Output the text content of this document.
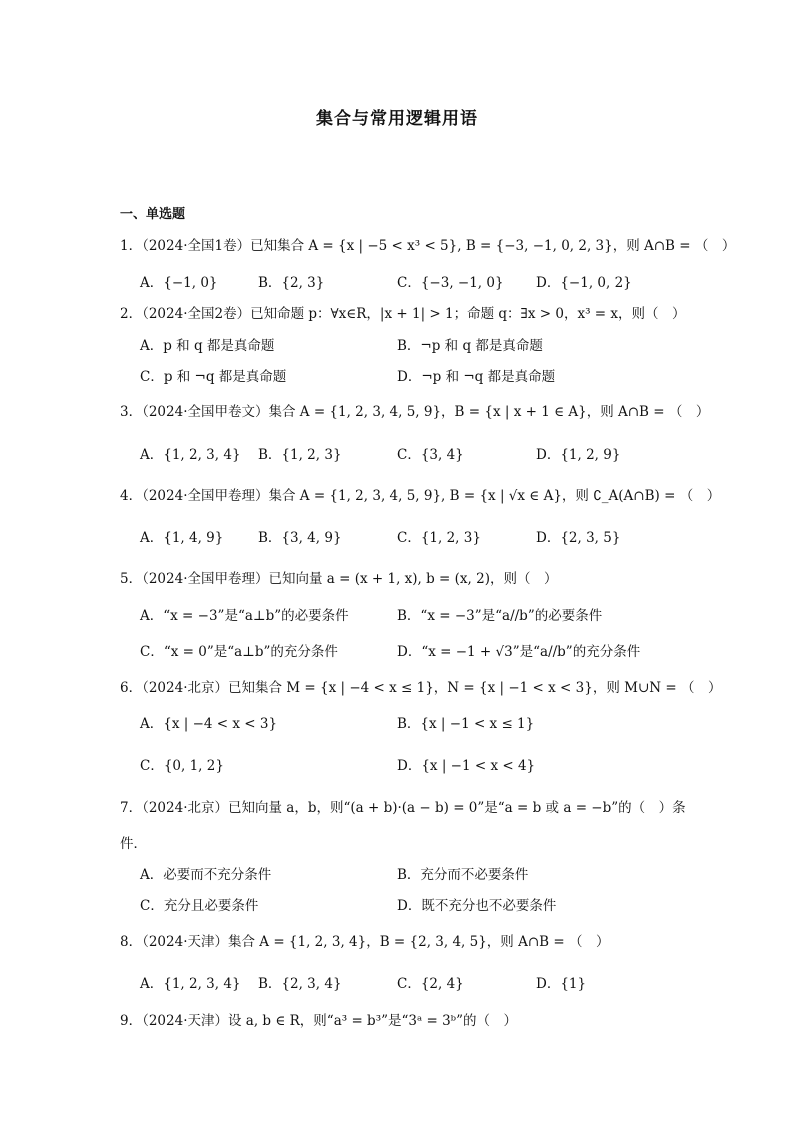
集合与常用逻辑用语
一、单选题
1．（2024·全国1卷）已知集合 A = {x | −5 < x³ < 5}, B = {−3, −1, 0, 2, 3}，则 A∩B = （　）
A．{−1, 0}	B．{2, 3}	C．{−3, −1, 0} D．{−1, 0, 2}
2．（2024·全国2卷）已知命题 p：∀x∈R，|x + 1| > 1；命题 q：∃x > 0，x³ = x，则（　）
A．p 和 q 都是真命题	B．¬p 和 q 都是真命题
C．p 和 ¬q 都是真命题	D．¬p 和 ¬q 都是真命题
3．（2024·全国甲卷文）集合 A = {1, 2, 3, 4, 5, 9}，B = {x | x + 1 ∈ A}，则 A∩B = （　）
A．{1, 2, 3, 4} B．{1, 2, 3}	C．{3, 4}	D．{1, 2, 9}
4．（2024·全国甲卷理）集合 A = {1, 2, 3, 4, 5, 9}, B = {x | √x ∈ A}，则 ∁_A(A∩B) = （　）
A．{1, 4, 9}	B．{3, 4, 9}	C．{1, 2, 3}	D．{2, 3, 5}
5．（2024·全国甲卷理）已知向量 a = (x + 1, x), b = (x, 2)，则（　）
A．“x = −3”是“a⊥b”的必要条件	B．“x = −3”是“a//b”的必要条件
C．“x = 0”是“a⊥b”的充分条件	D．“x = −1 + √3”是“a//b”的充分条件
6．（2024·北京）已知集合 M = {x | −4 < x ≤ 1}，N = {x | −1 < x < 3}，则 M∪N = （　）
A．{x | −4 < x < 3}	B．{x | −1 < x ≤ 1}
C．{0, 1, 2}	D．{x | −1 < x < 4}
7．（2024·北京）已知向量 a，b，则“(a + b)·(a − b) = 0”是“a = b 或 a = −b”的（　）条
件．
A．必要而不充分条件	B．充分而不必要条件
C．充分且必要条件	D．既不充分也不必要条件
8．（2024·天津）集合 A = {1, 2, 3, 4}，B = {2, 3, 4, 5}，则 A∩B = （　）
A．{1, 2, 3, 4} B．{2, 3, 4}	C．{2, 4}	D．{1}
9．（2024·天津）设 a, b ∈ R，则“a³ = b³”是“3ᵃ = 3ᵇ”的（　）
